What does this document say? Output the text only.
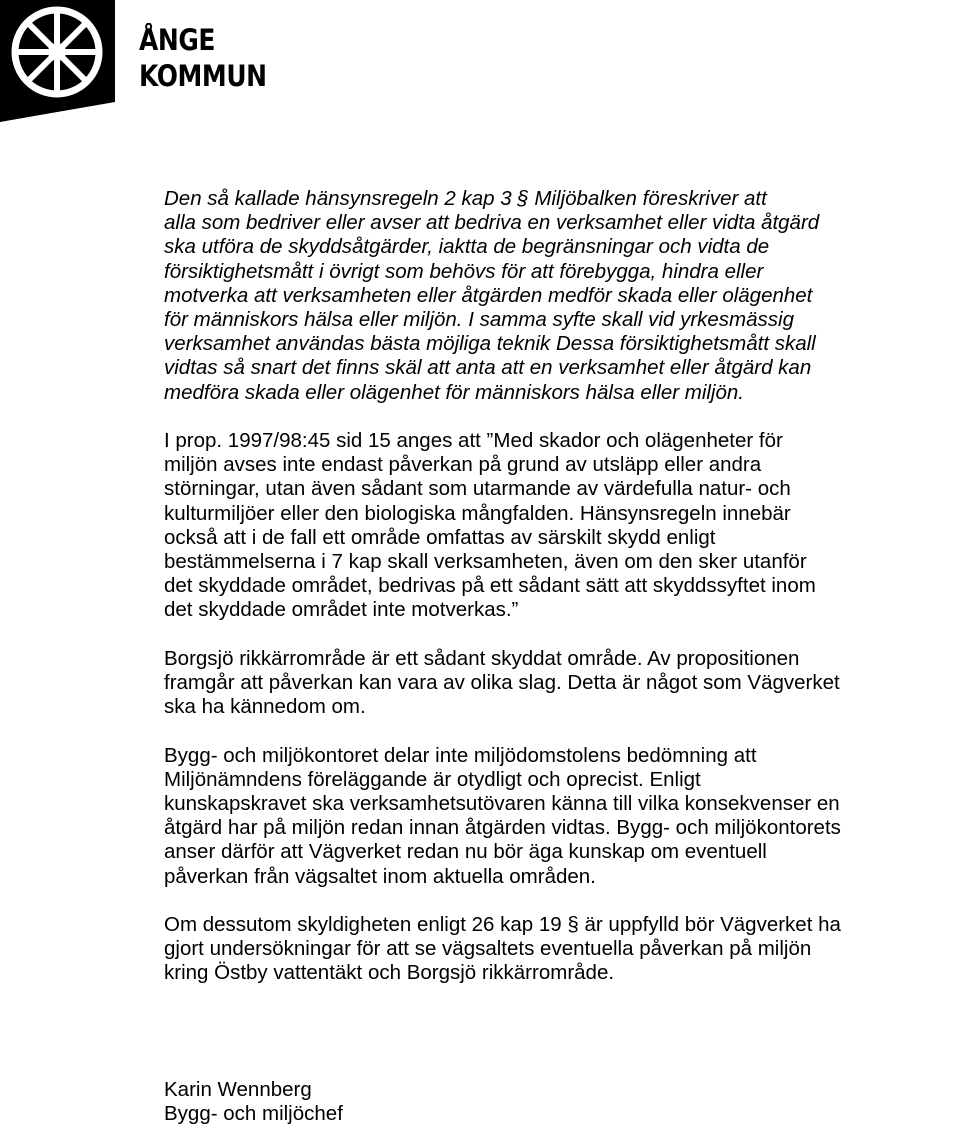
ÅNGE
KOMMUN

Den så kallade hänsynsregeln 2 kap 3 § Miljöbalken föreskriver att
alla som bedriver eller avser att bedriva en verksamhet eller vidta åtgärd
ska utföra de skyddsåtgärder, iaktta de begränsningar och vidta de
försiktighetsmått i övrigt som behövs för att förebygga, hindra eller
motverka att verksamheten eller åtgärden medför skada eller olägenhet
för människors hälsa eller miljön. I samma syfte skall vid yrkesmässig
verksamhet användas bästa möjliga teknik Dessa försiktighetsmått skall
vidtas så snart det finns skäl att anta att en verksamhet eller åtgärd kan
medföra skada eller olägenhet för människors hälsa eller miljön.

I prop. 1997/98:45 sid 15 anges att ”Med skador och olägenheter för
miljön avses inte endast påverkan på grund av utsläpp eller andra
störningar, utan även sådant som utarmande av värdefulla natur- och
kulturmiljöer eller den biologiska mångfalden. Hänsynsregeln innebär
också att i de fall ett område omfattas av särskilt skydd enligt
bestämmelserna i 7 kap skall verksamheten, även om den sker utanför
det skyddade området, bedrivas på ett sådant sätt att skyddssyftet inom
det skyddade området inte motverkas.”

Borgsjö rikkärrområde är ett sådant skyddat område. Av propositionen
framgår att påverkan kan vara av olika slag. Detta är något som Vägverket
ska ha kännedom om.

Bygg- och miljökontoret delar inte miljödomstolens bedömning att
Miljönämndens föreläggande är otydligt och oprecist. Enligt
kunskapskravet ska verksamhetsutövaren känna till vilka konsekvenser en
åtgärd har på miljön redan innan åtgärden vidtas. Bygg- och miljökontorets
anser därför att Vägverket redan nu bör äga kunskap om eventuell
påverkan från vägsaltet inom aktuella områden.

Om dessutom skyldigheten enligt 26 kap 19 § är uppfylld bör Vägverket ha
gjort undersökningar för att se vägsaltets eventuella påverkan på miljön
kring Östby vattentäkt och Borgsjö rikkärrområde.

Karin Wennberg
Bygg- och miljöchef
